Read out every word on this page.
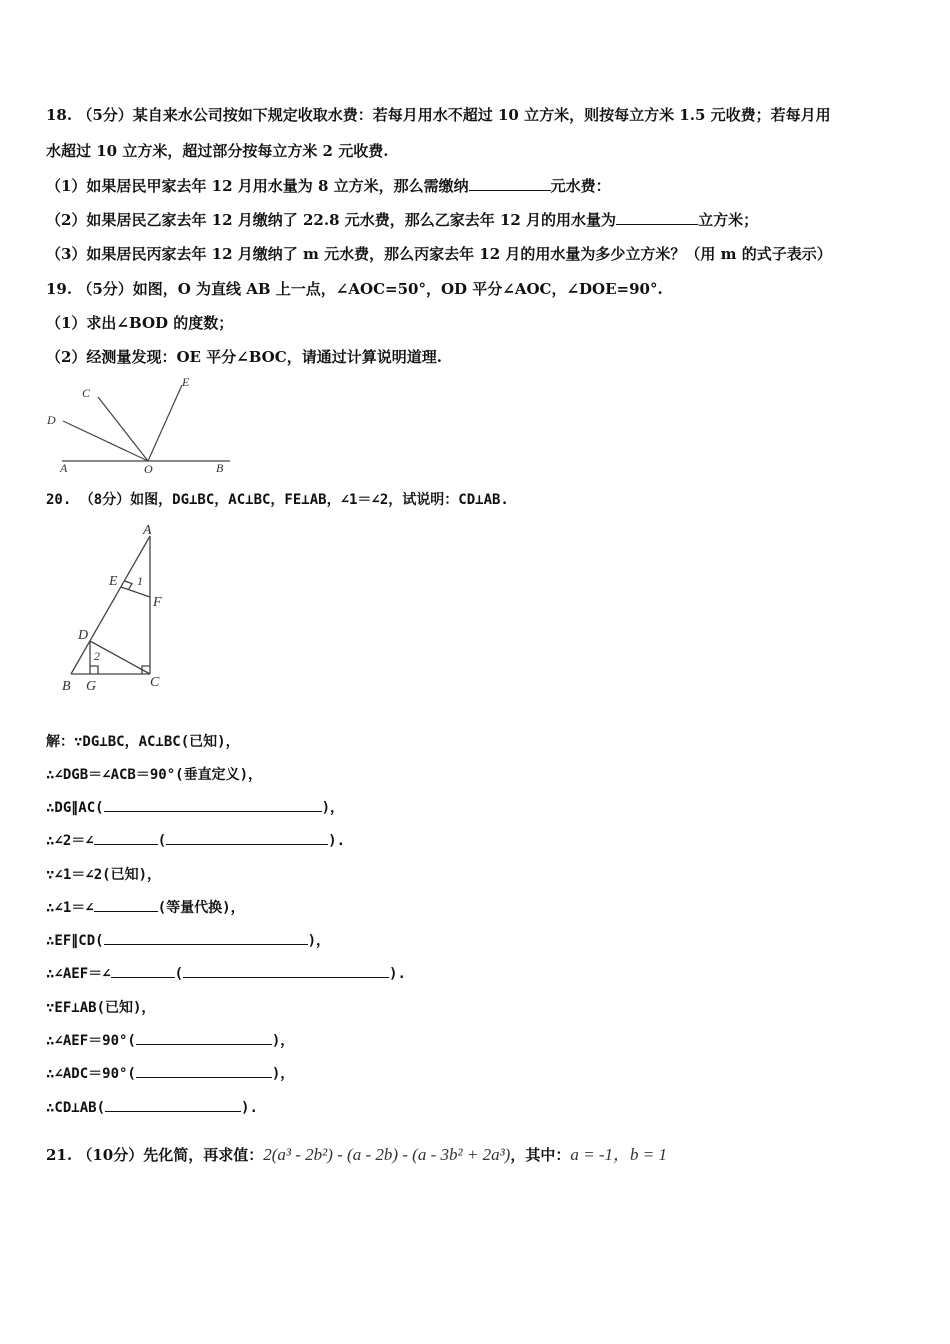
18. （5分）某自来水公司按如下规定收取水费：若每月用水不超过 10 立方米，则按每立方米 1.5 元收费；若每月用
水超过 10 立方米，超过部分按每立方米 2 元收费.
（1）如果居民甲家去年 12 月用水量为 8 立方米，那么需缴纳	元水费：
（2）如果居民乙家去年 12 月缴纳了 22.8 元水费，那么乙家去年 12 月的用水量为	立方米；
（3）如果居民丙家去年 12 月缴纳了 m 元水费，那么丙家去年 12 月的用水量为多少立方米？（用 m 的式子表示）
19. （5分）如图，O 为直线 AB 上一点，∠AOC=50°，OD 平分∠AOC，∠DOE=90°.
（1）求出∠BOD 的度数；
（2）经测量发现：OE 平分∠BOC，请通过计算说明道理.
A	O	B
D
C
E
20. （8分）如图，DG⊥BC，AC⊥BC，FE⊥AB，∠1＝∠2，试说明：CD⊥AB.
A
E 1
F
D
2
B G	C
解：∵DG⊥BC，AC⊥BC(已知)，
∴∠DGB＝∠ACB＝90°(垂直定义)，
∴DG∥AC(	)，
∴∠2＝∠	(	).
∵∠1＝∠2(已知)，
∴∠1＝∠	(等量代换)，
∴EF∥CD(	)，
∴∠AEF＝∠	(	).
∵EF⊥AB(已知)，
∴∠AEF＝90°(	)，
∴∠ADC＝90°(	)，
∴CD⊥AB(	).
21. （10分）先化简，再求值：2(a³ - 2b²) - (a - 2b) - (a - 3b² + 2a³)，其中：a = -1，b = 1
